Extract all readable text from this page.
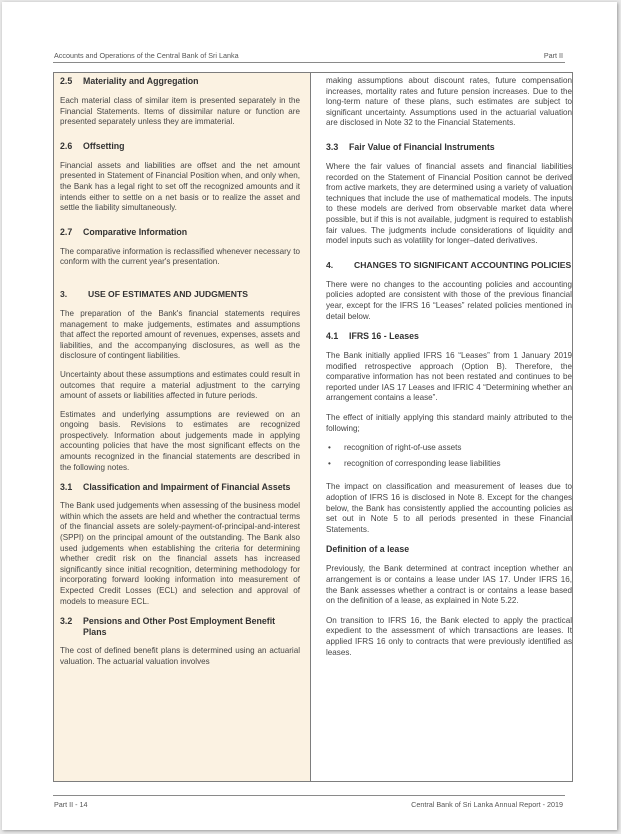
Accounts and Operations of the Central Bank of Sri Lanka	Part II
2.5 Materiality and Aggregation

Each material class of similar item is presented separately in the Financial Statements. Items of dissimilar nature or function are presented separately unless they are immaterial.

2.6 Offsetting

Financial assets and liabilities are offset and the net amount presented in Statement of Financial Position when, and only when, the Bank has a legal right to set off the recognized amounts and it intends either to settle on a net basis or to realize the asset and settle the liability simultaneously.

2.7 Comparative Information

The comparative information is reclassified whenever necessary to conform with the current year's presentation.

3.	USE OF ESTIMATES AND JUDGMENTS

The preparation of the Bank's financial statements requires management to make judgements, estimates and assumptions that affect the reported amount of revenues, expenses, assets and liabilities, and the accompanying disclosures, as well as the disclosure of contingent liabilities.

Uncertainty about these assumptions and estimates could result in outcomes that require a material adjustment to the carrying amount of assets or liabilities affected in future periods.

Estimates and underlying assumptions are reviewed on an ongoing basis. Revisions to estimates are recognized prospectively. Information about judgements made in applying accounting policies that have the most significant effects on the amounts recognized in the financial statements are described in the following notes.

3.1	Classification and Impairment of Financial Assets

The Bank used judgements when assessing of the business model within which the assets are held and whether the contractual terms of the financial assets are solely-payment-of-principal-and-interest (SPPI) on the principal amount of the outstanding. The Bank also used judgements when establishing the criteria for determining whether credit risk on the financial assets has increased significantly since initial recognition, determining methodology for incorporating forward looking information into measurement of Expected Credit Losses (ECL) and selection and approval of models to measure ECL.

3.2	Pensions and Other Post Employment Benefit Plans

The cost of defined benefit plans is determined using an actuarial valuation. The actuarial valuation involves

making assumptions about discount rates, future compensation increases, mortality rates and future pension increases. Due to the long-term nature of these plans, such estimates are subject to significant uncertainty. Assumptions used in the actuarial valuation are disclosed in Note 32 to the Financial Statements.

3.3 Fair Value of Financial Instruments

Where the fair values of financial assets and financial liabilities recorded on the Statement of Financial Position cannot be derived from active markets, they are determined using a variety of valuation techniques that include the use of mathematical models. The inputs to these models are derived from observable market data where possible, but if this is not available, judgment is required to establish fair values. The judgments include considerations of liquidity and model inputs such as volatility for longer–dated derivatives.

4.	CHANGES TO SIGNIFICANT ACCOUNTING POLICIES

There were no changes to the accounting policies and accounting policies adopted are consistent with those of the previous financial year, except for the IFRS 16 “Leases” related policies mentioned in detail below.

4.1 IFRS 16 - Leases

The Bank initially applied IFRS 16 “Leases” from 1 January 2019 modified retrospective approach (Option B). Therefore, the comparative information has not been restated and continues to be reported under IAS 17 Leases and IFRIC 4 “Determining whether an arrangement contains a lease”.

The effect of initially applying this standard mainly attributed to the following;

• recognition of right-of-use assets
• recognition of corresponding lease liabilities

The impact on classification and measurement of leases due to adoption of IFRS 16 is disclosed in Note 8. Except for the changes below, the Bank has consistently applied the accounting policies as set out in Note 5 to all periods presented in these Financial Statements.

Definition of a lease

Previously, the Bank determined at contract inception whether an arrangement is or contains a lease under IAS 17. Under IFRS 16, the Bank assesses whether a contract is or contains a lease based on the definition of a lease, as explained in Note 5.22.

On transition to IFRS 16, the Bank elected to apply the practical expedient to the assessment of which transactions are leases. It applied IFRS 16 only to contracts that were previously identified as leases.

Part II - 14	Central Bank of Sri Lanka Annual Report - 2019
